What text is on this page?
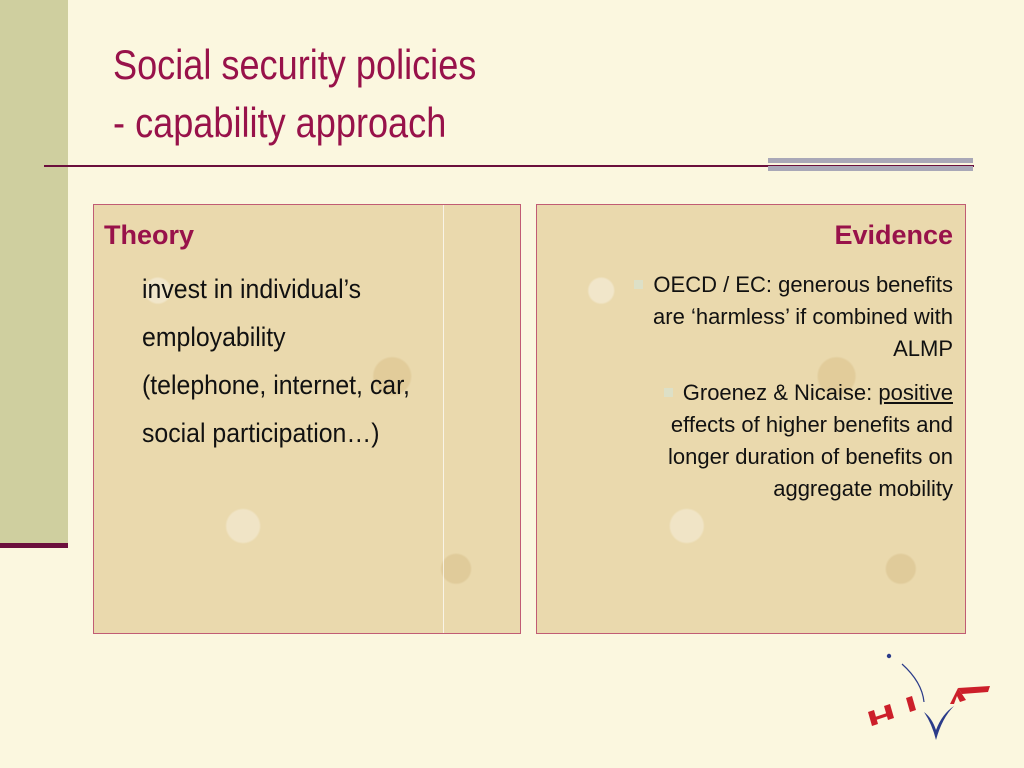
Social security policies
- capability approach
Theory
invest in individual’s
employability
(telephone, internet, car,
social participation…)
Evidence
OECD / EC: generous benefits are ‘harmless’ if combined with ALMP
Groenez & Nicaise: positive effects of higher benefits and longer duration of benefits on aggregate mobility
